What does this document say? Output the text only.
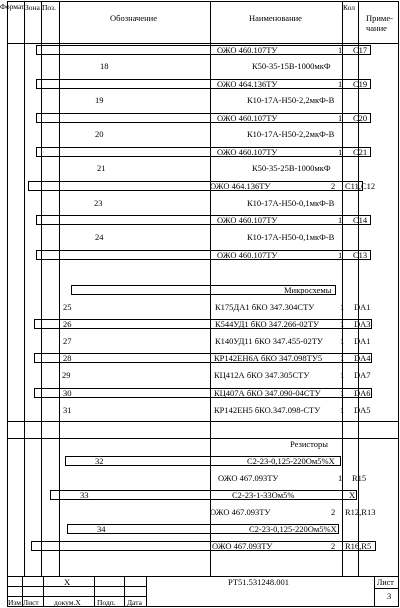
Формат Зона Поз.
Обозначение	Наименование
Кол
Приме-
чание
ОЖО 460.107ТУ	1 C17
18	К50-35-15В-1000мкФ
ОЖО 464.136ТУ	1 C19
19	К10-17А-Н50-2,2мкФ-В
ОЖО 460.107ТУ	1 C20
20	К10-17А-Н50-2,2мкФ-В
ОЖО 460.107ТУ	1 C21
21	К50-35-25В-1000мкФ
ОЖО 464.136ТУ	2 C11,C12
23	К10-17А-Н50-0,1мкФ-В
ОЖО 460.107ТУ	1 C14
24	К10-17А-Н50-0,1мкФ-В
ОЖО 460.107ТУ	1 C13
Микросхемы
25	К175ДА1 бКО 347.304СТУ	1 DA1
26	К544УД1 бКО 347.266-02ТУ 1 DA3
27	К140УД11 бКО 347.455-02ТУ 1 DA1
28	КР142ЕН6А бКО 347.098ТУ5 1 DA4
29	КЦ412А бКО 347.305СТУ	1 DA7
30	КЦ407А бКО 347.090-04СТУ 1 DA6
31	КР142ЕН5 бКО.347.098-СТУ 1 DA5
Резисторы
32	С2-23-0,125-220Ом5%Х
ОЖО 467.093ТУ	1 R15
33	С2-23-1-33Ом5%	Х
ОЖО 467.093ТУ	2 R12,R13
34	С2-23-0,125-220Ом5%Х
ОЖО 467.093ТУ	2 R16,R5
Х	РТ51.531248.001	Лист
3
Изм Лист докум.Х Подп. Дата
